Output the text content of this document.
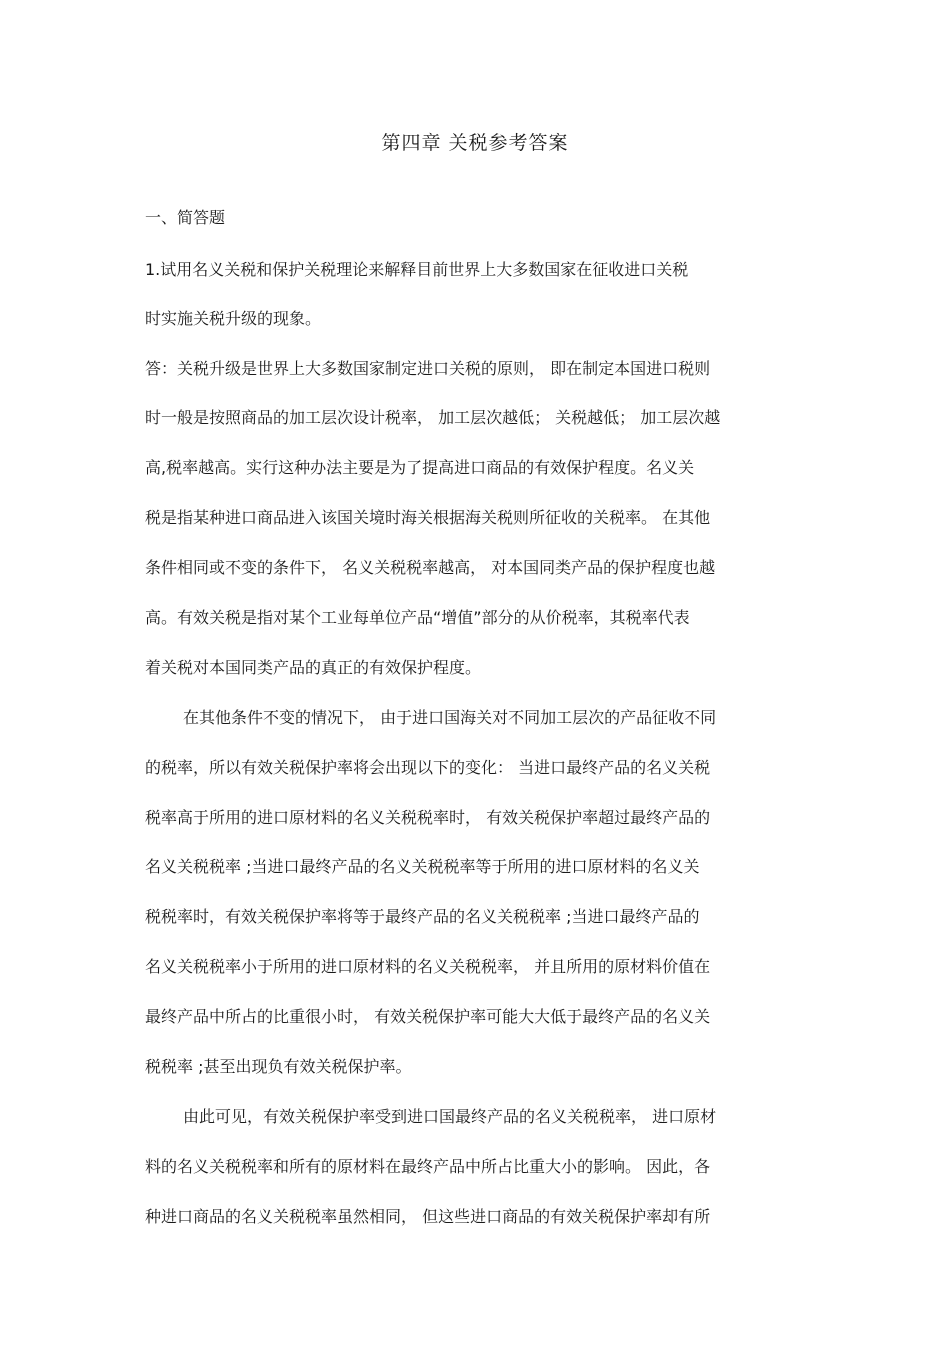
第四章 关税参考答案
一、简答题
1.试用名义关税和保护关税理论来解释目前世界上大多数国家在征收进口关税
时实施关税升级的现象。
答：关税升级是世界上大多数国家制定进口关税的原则， 即在制定本国进口税则
时一般是按照商品的加工层次设计税率， 加工层次越低； 关税越低； 加工层次越
高,税率越高。实行这种办法主要是为了提高进口商品的有效保护程度。名义关
税是指某种进口商品进入该国关境时海关根据海关税则所征收的关税率。 在其他
条件相同或不变的条件下， 名义关税税率越高， 对本国同类产品的保护程度也越
高。有效关税是指对某个工业每单位产品“增值”部分的从价税率，其税率代表
着关税对本国同类产品的真正的有效保护程度。
在其他条件不变的情况下， 由于进口国海关对不同加工层次的产品征收不同
的税率，所以有效关税保护率将会出现以下的变化： 当进口最终产品的名义关税
税率高于所用的进口原材料的名义关税税率时， 有效关税保护率超过最终产品的
名义关税税率 ;当进口最终产品的名义关税税率等于所用的进口原材料的名义关
税税率时，有效关税保护率将等于最终产品的名义关税税率 ;当进口最终产品的
名义关税税率小于所用的进口原材料的名义关税税率， 并且所用的原材料价值在
最终产品中所占的比重很小时， 有效关税保护率可能大大低于最终产品的名义关
税税率 ;甚至出现负有效关税保护率。
由此可见，有效关税保护率受到进口国最终产品的名义关税税率， 进口原材
料的名义关税税率和所有的原材料在最终产品中所占比重大小的影响。 因此，各
种进口商品的名义关税税率虽然相同， 但这些进口商品的有效关税保护率却有所
